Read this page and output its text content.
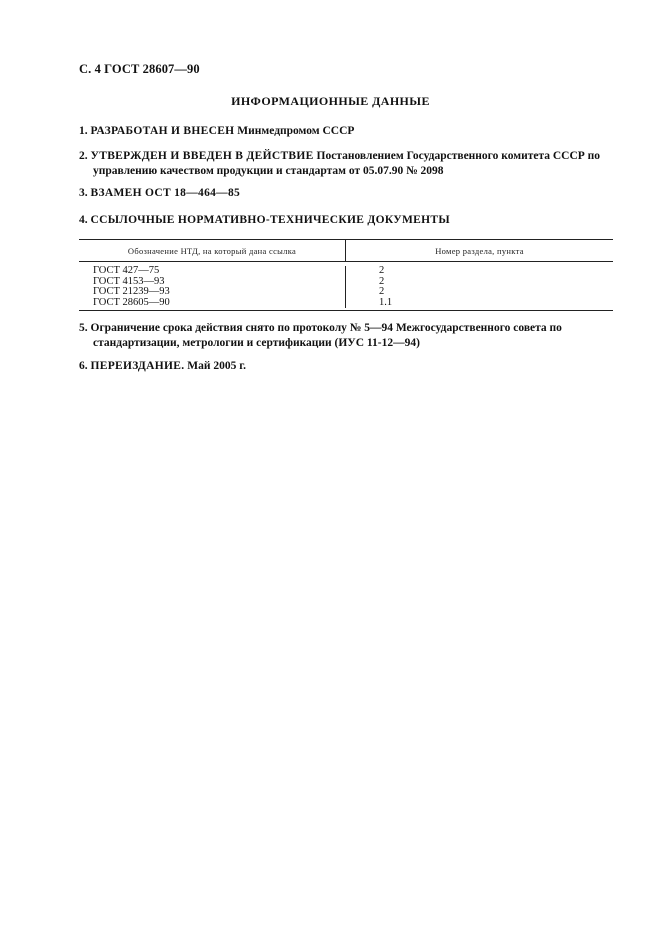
С. 4 ГОСТ 28607—90
ИНФОРМАЦИОННЫЕ ДАННЫЕ
1. РАЗРАБОТАН И ВНЕСЕН Минмедпромом СССР
2. УТВЕРЖДЕН И ВВЕДЕН В ДЕЙСТВИЕ Постановлением Государственного комитета СССР по
управлению качеством продукции и стандартам от 05.07.90 № 2098
3. ВЗАМЕН ОСТ 18—464—85
4. ССЫЛОЧНЫЕ НОРМАТИВНО-ТЕХНИЧЕСКИЕ ДОКУМЕНТЫ
Обозначение НТД, на который дана ссылка	Номер раздела, пункта
ГОСТ 427—75
ГОСТ 4153—93
ГОСТ 21239—93
ГОСТ 28605—90
2
2
2
1.1
5. Ограничение срока действия снято по протоколу № 5—94 Межгосударственного совета по
стандартизации, метрологии и сертификации (ИУС 11-12—94)
6. ПЕРЕИЗДАНИЕ. Май 2005 г.
